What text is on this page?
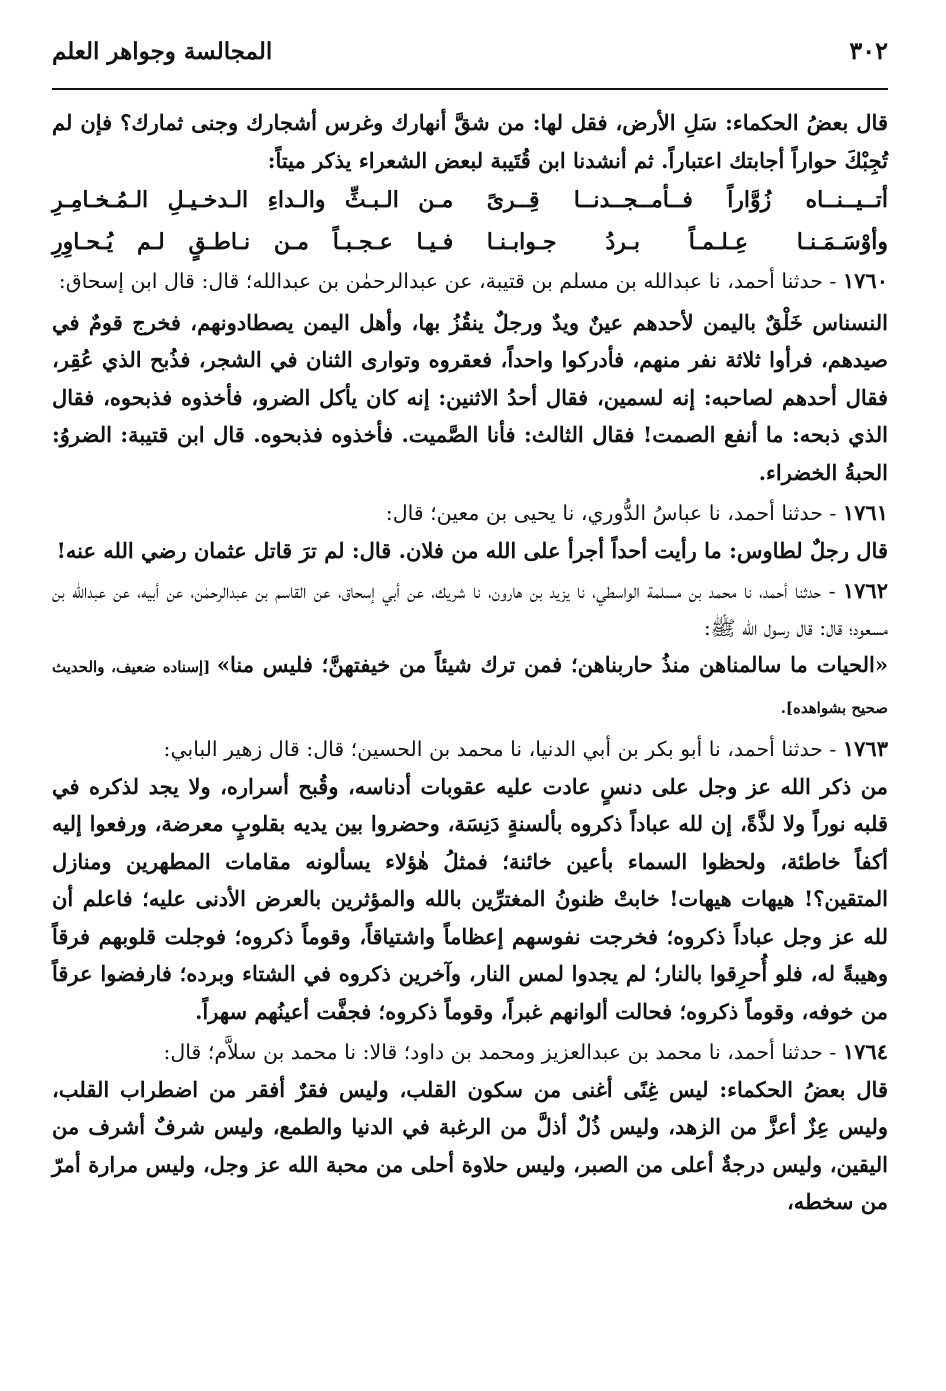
٣٠٢
المجالسة وجواهر العلم

قال بعضُ الحكماء: سَلِ الأرض، فقل لها: من شقَّ أنهارك وغرس أشجارك وجنى ثمارك؟ فإن لم تُجِبْكَ حواراً أجابتك اعتباراً. ثم أنشدنا ابن قُتَيبة لبعض الشعراء يذكر ميتاً:

أتــيــنــاه زُوَّاراً فــأمــجــدنــا قِــرىً
مـن الـبـثِّ والـداءِ الـدخـيـلِ الـمُـخـامِـرِ
وأوْسَـمَـنـا عِـلـمـاً بـردُ جـوابـنـا
فـيـا عـجـبـاً مـن نـاطـقٍ لـم يُـحـاوِرِ

١٧٦٠ - حدثنا أحمد، نا عبدالله بن مسلم بن قتيبة، عن عبدالرحمٰن بن عبدالله؛ قال: قال ابن إسحاق:

النسناس خَلْقٌ باليمن لأحدهم عينٌ ويدٌ ورجلٌ ينقُزُ بها، وأهل اليمن يصطادونهم، فخرج قومٌ في صيدهم، فرأوا ثلاثة نفر منهم، فأدركوا واحداً، فعقروه وتوارى الثنان في الشجر، فذُبح الذي عُقِر، فقال أحدهم لصاحبه: إنه لسمين، فقال أحدُ الاثنين: إنه كان يأكل الضرو، فأخذوه فذبحوه، فقال الذي ذبحه: ما أنفع الصمت! فقال الثالث: فأنا الصَّميت. فأخذوه فذبحوه. قال ابن قتيبة: الضروُ: الحبةُ الخضراء.

١٧٦١ - حدثنا أحمد، نا عباسُ الدُّوري، نا يحيى بن معين؛ قال:

قال رجلٌ لطاوس: ما رأيت أحداً أجرأ على الله من فلان. قال: لم ترَ قاتل عثمان رضي الله عنه!

١٧٦٢ - حدثنا أحمد، نا محمد بن مسلمة الواسطي، نا يزيد بن هارون، نا شريك، عن أبي إسحاق، عن القاسم بن عبدالرحمٰن، عن أبيه، عن عبدالله بن مسعود؛ قال: قال رسول الله ﷺ:

«الحيات ما سالمناهن منذُ حاربناهن؛ فمن ترك شيئاً من خيفتهنَّ؛ فليس منا» [إسناده ضعيف، والحديث صحيح بشواهده].

١٧٦٣ - حدثنا أحمد، نا أبو بكر بن أبي الدنيا، نا محمد بن الحسين؛ قال: قال زهير البابي:

من ذكر الله عز وجل على دنسٍ عادت عليه عقوبات أدناسه، وقُبح أسراره، ولا يجد لذكره في قلبه نوراً ولا لذَّةً، إن لله عباداً ذكروه بألسنةٍ دَنِسَة، وحضروا بين يديه بقلوبٍ معرضة، ورفعوا إليه أكفاً خاطئة، ولحظوا السماء بأعين خائنة؛ فمثلُ هٰؤلاء يسألونه مقامات المطهرين ومنازل المتقين؟! هيهات هيهات! خابتْ ظنونُ المغترِّين بالله والمؤثرين بالعرض الأدنى عليه؛ فاعلم أن لله عز وجل عباداً ذكروه؛ فخرجت نفوسهم إعظاماً واشتياقاً، وقوماً ذكروه؛ فوجلت قلوبهم فرقاً وهيبةً له، فلو أُحرِقوا بالنار؛ لم يجدوا لمس النار، وآخرين ذكروه في الشتاء وبرده؛ فارفضوا عرقاً من خوفه، وقوماً ذكروه؛ فحالت ألوانهم غبراً، وقوماً ذكروه؛ فجفَّت أعينُهم سهراً.

١٧٦٤ - حدثنا أحمد، نا محمد بن عبدالعزيز ومحمد بن داود؛ قالا: نا محمد بن سلاَّم؛ قال:

قال بعضُ الحكماء: ليس غِنًى أغنى من سكون القلب، وليس فقرٌ أفقر من اضطراب القلب، وليس عِزٌ أعزَّ من الزهد، وليس ذُلٌ أذلَّ من الرغبة في الدنيا والطمع، وليس شرفٌ أشرف من اليقين، وليس درجةٌ أعلى من الصبر، وليس حلاوة أحلى من محبة الله عز وجل، وليس مرارة أمرّ من سخطه،
